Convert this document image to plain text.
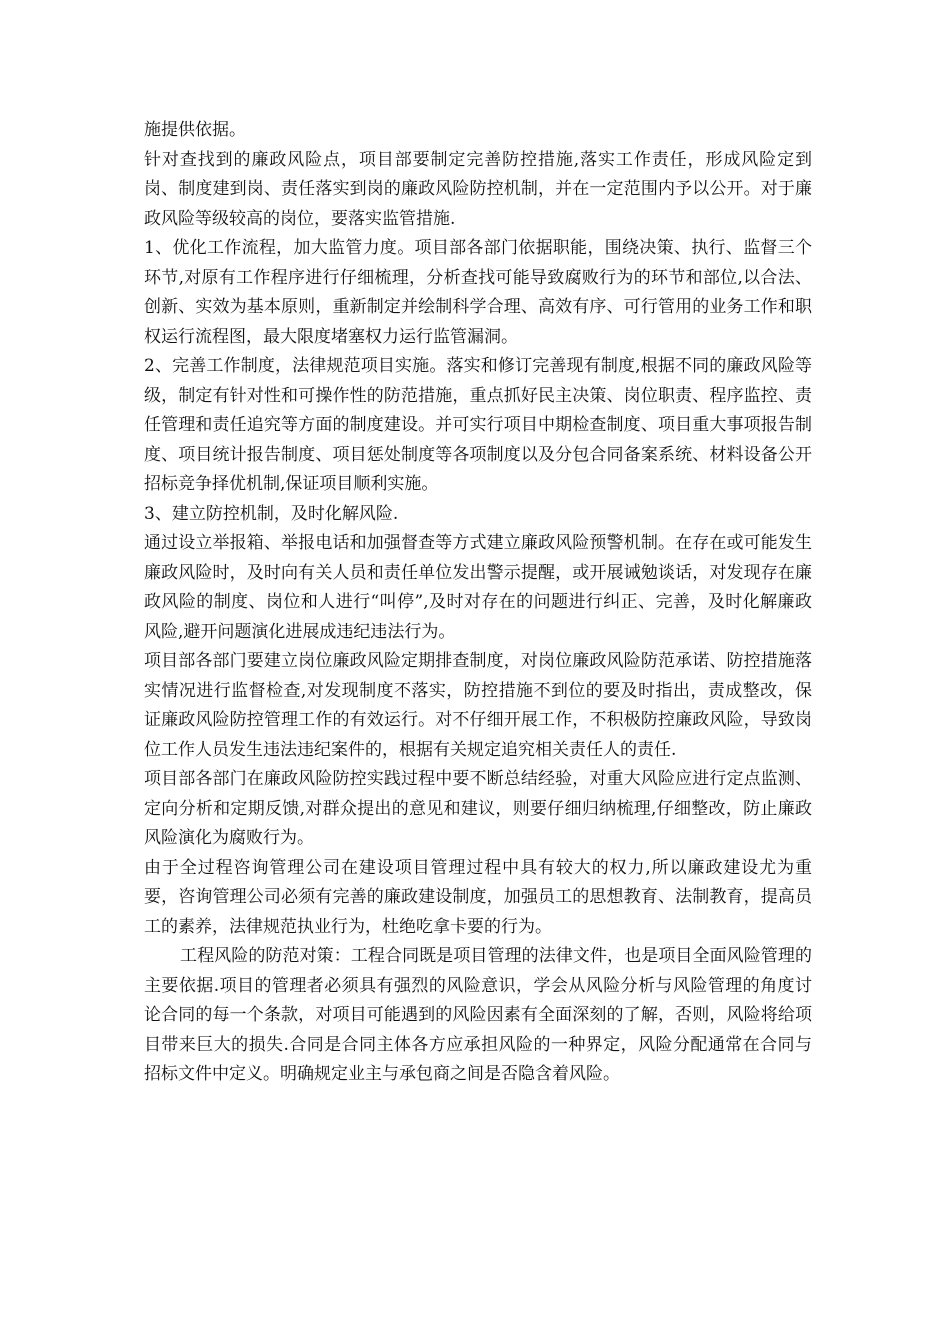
施提供依据。

针对查找到的廉政风险点，项目部要制定完善防控措施,落实工作责任，形成风险定到岗、制度建到岗、责任落实到岗的廉政风险防控机制，并在一定范围内予以公开。对于廉政风险等级较高的岗位，要落实监管措施.

1、优化工作流程，加大监管力度。项目部各部门依据职能，围绕决策、执行、监督三个环节,对原有工作程序进行仔细梳理，分析查找可能导致腐败行为的环节和部位,以合法、创新、实效为基本原则，重新制定并绘制科学合理、高效有序、可行管用的业务工作和职权运行流程图，最大限度堵塞权力运行监管漏洞。

2、完善工作制度，法律规范项目实施。落实和修订完善现有制度,根据不同的廉政风险等级，制定有针对性和可操作性的防范措施，重点抓好民主决策、岗位职责、程序监控、责任管理和责任追究等方面的制度建设。并可实行项目中期检查制度、项目重大事项报告制度、项目统计报告制度、项目惩处制度等各项制度以及分包合同备案系统、材料设备公开招标竞争择优机制,保证项目顺利实施。

3、建立防控机制，及时化解风险.

通过设立举报箱、举报电话和加强督查等方式建立廉政风险预警机制。在存在或可能发生廉政风险时，及时向有关人员和责任单位发出警示提醒，或开展诫勉谈话，对发现存在廉政风险的制度、岗位和人进行“叫停”,及时对存在的问题进行纠正、完善，及时化解廉政风险,避开问题演化进展成违纪违法行为。

项目部各部门要建立岗位廉政风险定期排查制度，对岗位廉政风险防范承诺、防控措施落实情况进行监督检查,对发现制度不落实，防控措施不到位的要及时指出，责成整改，保证廉政风险防控管理工作的有效运行。对不仔细开展工作，不积极防控廉政风险，导致岗位工作人员发生违法违纪案件的，根据有关规定追究相关责任人的责任.

项目部各部门在廉政风险防控实践过程中要不断总结经验，对重大风险应进行定点监测、定向分析和定期反馈,对群众提出的意见和建议，则要仔细归纳梳理,仔细整改，防止廉政风险演化为腐败行为。

由于全过程咨询管理公司在建设项目管理过程中具有较大的权力,所以廉政建设尤为重要，咨询管理公司必须有完善的廉政建设制度，加强员工的思想教育、法制教育，提高员工的素养，法律规范执业行为，杜绝吃拿卡要的行为。

工程风险的防范对策：工程合同既是项目管理的法律文件，也是项目全面风险管理的主要依据.项目的管理者必须具有强烈的风险意识，学会从风险分析与风险管理的角度讨论合同的每一个条款，对项目可能遇到的风险因素有全面深刻的了解，否则，风险将给项目带来巨大的损失.合同是合同主体各方应承担风险的一种界定，风险分配通常在合同与招标文件中定义。明确规定业主与承包商之间是否隐含着风险。
